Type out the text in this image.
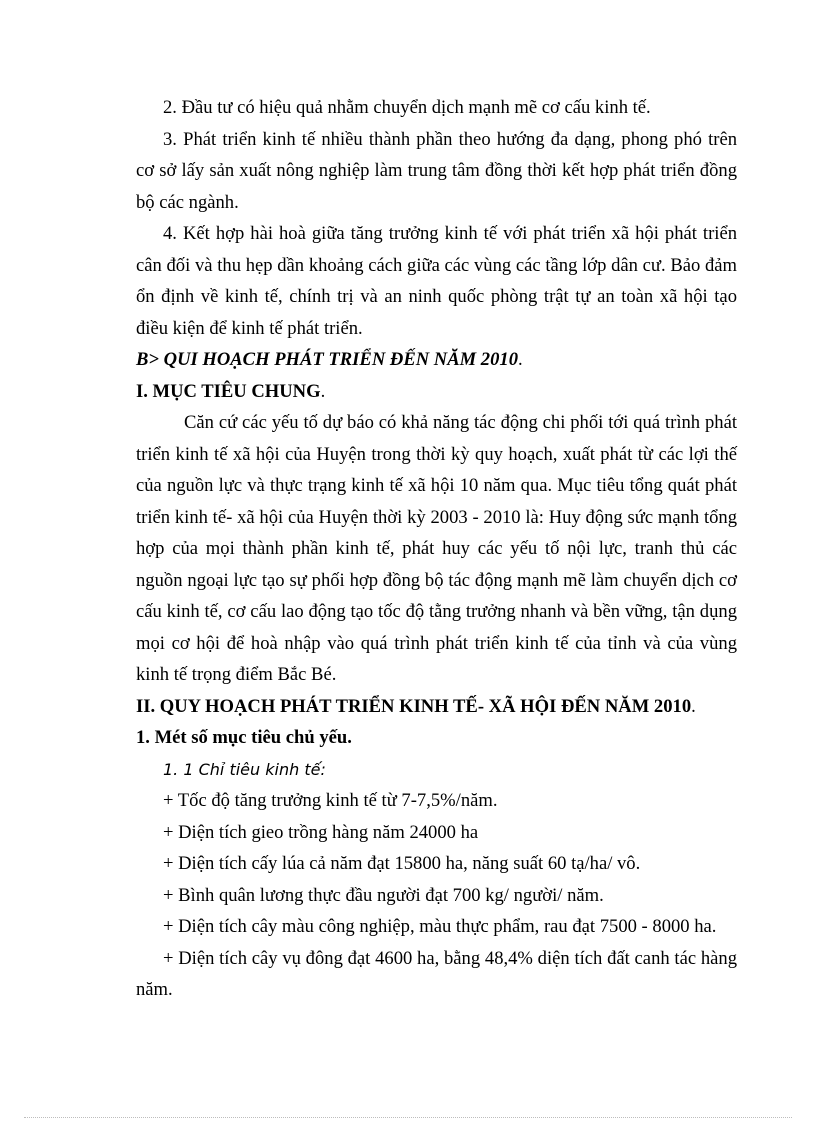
2. Đầu tư có hiệu quả nhằm chuyển dịch mạnh mẽ cơ cấu kinh tế.

3. Phát triển kinh tế nhiều thành phần theo hướng đa dạng, phong phó trên cơ sở lấy sản xuất nông nghiệp làm trung tâm đồng thời kết hợp phát triển đồng bộ các ngành.

4. Kết hợp hài hoà giữa tăng trưởng kinh tế với phát triển xã hội phát triển cân đối và thu hẹp dần khoảng cách giữa các vùng các tầng lớp dân cư. Bảo đảm ổn định về kinh tế, chính trị và an ninh quốc phòng trật tự an toàn xã hội tạo điều kiện để kinh tế phát triển.

B> QUI HOẠCH PHÁT TRIỂN ĐẾN NĂM 2010.

I. MỤC TIÊU CHUNG.

Căn cứ các yếu tố dự báo có khả năng tác động chi phối tới quá trình phát triển kinh tế xã hội của Huyện trong thời kỳ quy hoạch, xuất phát từ các lợi thế của nguồn lực và thực trạng kinh tế xã hội 10 năm qua. Mục tiêu tổng quát phát triển kinh tế- xã hội của Huyện thời kỳ 2003 - 2010 là: Huy động sức mạnh tổng hợp của mọi thành phần kinh tế, phát huy các yếu tố nội lực, tranh thủ các nguồn ngoại lực tạo sự phối hợp đồng bộ tác động mạnh mẽ làm chuyển dịch cơ cấu kinh tế, cơ cấu lao động tạo tốc độ tằng trưởng nhanh và bền vững, tận dụng mọi cơ hội để hoà nhập vào quá trình phát triển kinh tế của tỉnh và của vùng kinh tế trọng điểm Bắc Bé.

II. QUY HOẠCH PHÁT TRIỂN KINH TẾ- XÃ HỘI ĐẾN NĂM 2010.

1. Mét số mục tiêu chủ yếu.

1. 1 Chỉ tiêu kinh tế:

+ Tốc độ tăng trưởng kinh tế từ 7-7,5%/năm.

+ Diện tích gieo trồng hàng năm 24000 ha

+ Diện tích cấy lúa cả năm đạt 15800 ha, năng suất 60 tạ/ha/ vô.

+ Bình quân lương thực đầu người đạt 700 kg/ người/ năm.

+ Diện tích cây màu công nghiệp, màu thực phẩm, rau đạt 7500 - 8000 ha.

+ Diện tích cây vụ đông đạt 4600 ha, bằng 48,4% diện tích đất canh tác hàng năm.
